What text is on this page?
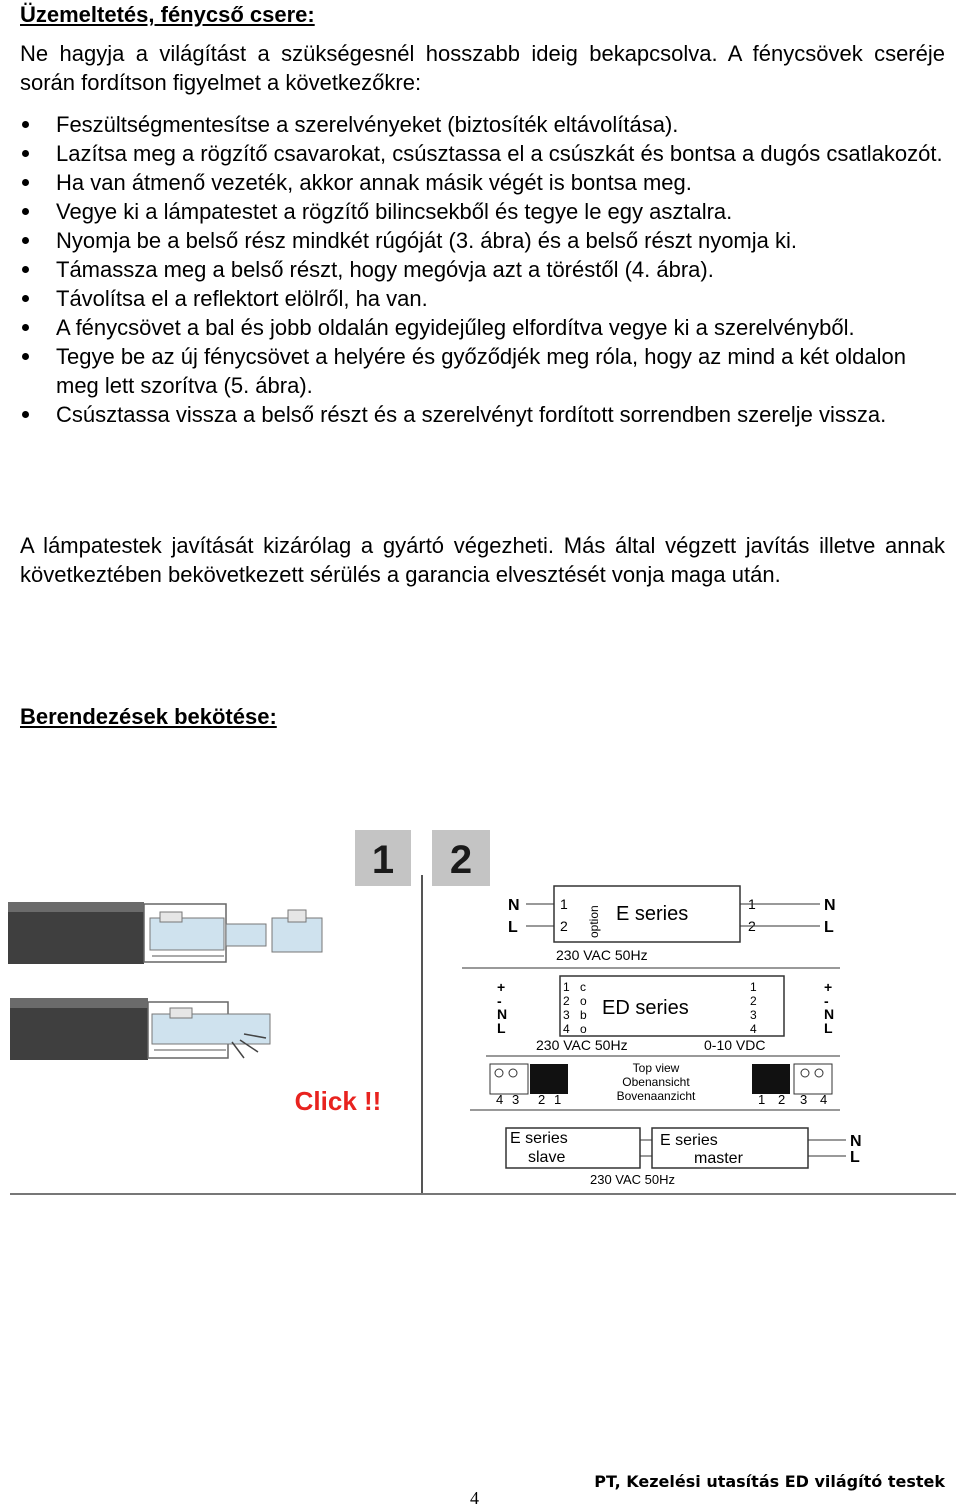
Üzemeltetés, fénycső csere:
Ne hagyja a világítást a szükségesnél hosszabb ideig bekapcsolva. A fénycsövek cseréje során fordítson figyelmet a következőkre:
Feszültségmentesítse a szerelvényeket (biztosíték eltávolítása).
Lazítsa meg a rögzítő csavarokat, csúsztassa el a csúszkát és bontsa a dugós csatlakozót.
Ha van átmenő vezeték, akkor annak másik végét is bontsa meg.
Vegye ki a lámpatestet a rögzítő bilincsekből és tegye le egy asztalra.
Nyomja be a belső rész mindkét rúgóját (3. ábra) és a belső részt nyomja ki.
Támassza meg a belső részt, hogy megóvja azt a töréstől (4. ábra).
Távolítsa el a reflektort elölről, ha van.
A fénycsövet a bal és jobb oldalán egyidejűleg elfordítva vegye ki a szerelvényből.
Tegye be az új fénycsövet a helyére és győződjék meg róla, hogy az mind a két oldalon meg lett szorítva (5. ábra).
Csúsztassa vissza a belső részt és a szerelvényt fordított sorrendben szerelje vissza.
A lámpatestek javítását kizárólag a gyártó végezheti. Más által végzett javítás illetve annak következtében bekövetkezett sérülés a garancia elvesztését vonja maga után.
Berendezések bekötése:
1 2
Click !!
N
L
1
2 option E series	1
2
N
L
230 VAC 50Hz
+
-
N
L
1
2
3
4
c
o
b
o
ED series
1
2
3
4
+
-
N
L
230 VAC 50Hz	0-10 VDC
4 3 2 1
Top view
Obenansicht
Bovenaanzicht	1 2 3 4
E series
slave
E series
master
N
L
230 VAC 50Hz
PT, Kezelési utasítás ED világító testek
4
